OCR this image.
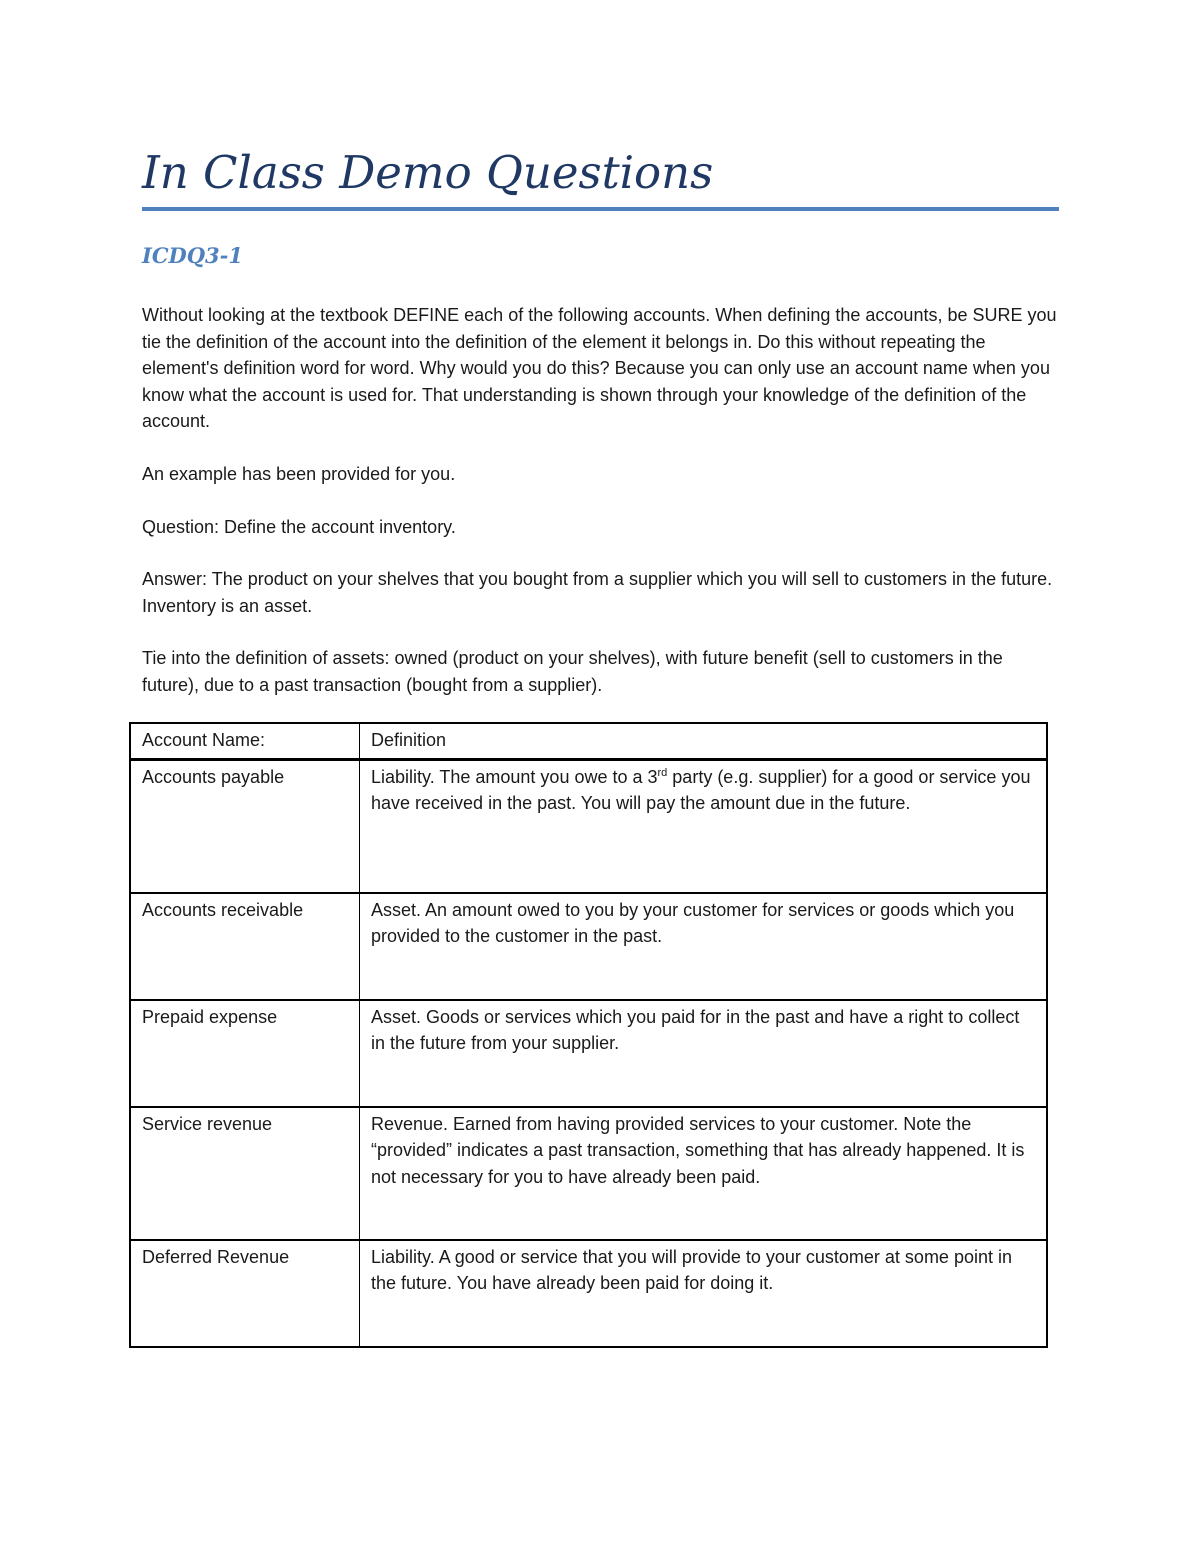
In Class Demo Questions
ICDQ3-1

Without looking at the textbook DEFINE each of the following accounts. When defining the accounts, be SURE you tie the definition of the account into the definition of the element it belongs in. Do this without repeating the element's definition word for word. Why would you do this? Because you can only use an account name when you know what the account is used for. That understanding is shown through your knowledge of the definition of the account.

An example has been provided for you.

Question: Define the account inventory.

Answer: The product on your shelves that you bought from a supplier which you will sell to customers in the future. Inventory is an asset.

Tie into the definition of assets: owned (product on your shelves), with future benefit (sell to customers in the future), due to a past transaction (bought from a supplier).

Account Name:	Definition
Accounts payable	Liability. The amount you owe to a 3rd party (e.g. supplier) for a good or service you have received in the past. You will pay the amount due in the future.
Accounts receivable	Asset. An amount owed to you by your customer for services or goods which you provided to the customer in the past.
Prepaid expense	Asset. Goods or services which you paid for in the past and have a right to collect in the future from your supplier.
Service revenue	Revenue. Earned from having provided services to your customer. Note the “provided” indicates a past transaction, something that has already happened. It is not necessary for you to have already been paid.
Deferred Revenue	Liability. A good or service that you will provide to your customer at some point in the future. You have already been paid for doing it.
